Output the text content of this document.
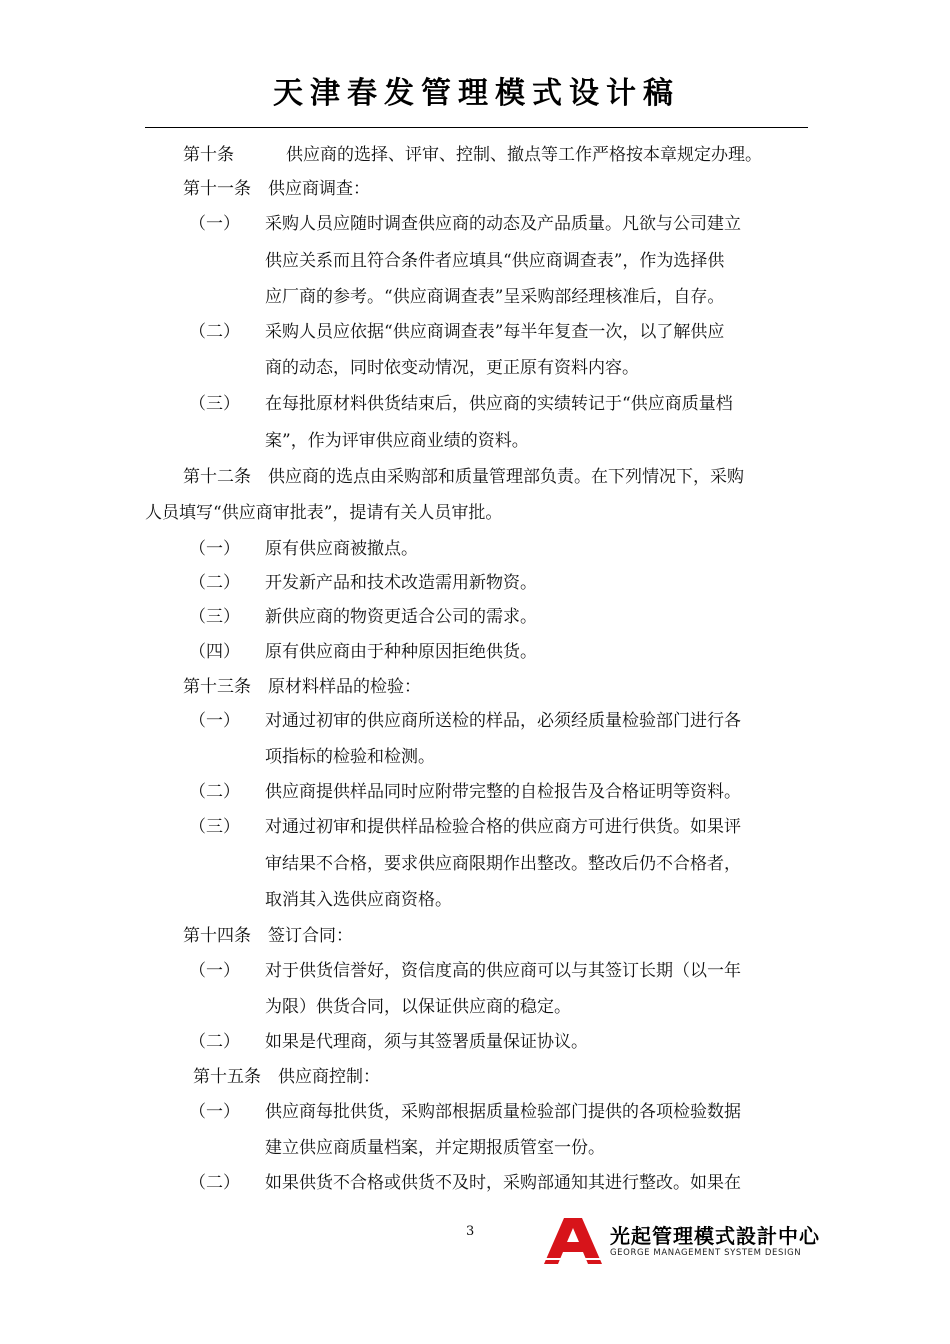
天津春发管理模式设计稿
第十条	供应商的选择、评审、控制、撤点等工作严格按本章规定办理。
第十一条　供应商调查：
（一） 采购人员应随时调查供应商的动态及产品质量。凡欲与公司建立
供应关系而且符合条件者应填具“供应商调查表”，作为选择供
应厂商的参考。“供应商调查表”呈采购部经理核准后，自存。
（二） 采购人员应依据“供应商调查表”每半年复查一次，以了解供应
商的动态，同时依变动情况，更正原有资料内容。
（三） 在每批原材料供货结束后，供应商的实绩转记于“供应商质量档
案”，作为评审供应商业绩的资料。
第十二条　供应商的选点由采购部和质量管理部负责。在下列情况下，采购
人员填写“供应商审批表”，提请有关人员审批。
（一） 原有供应商被撤点。
（二） 开发新产品和技术改造需用新物资。
（三） 新供应商的物资更适合公司的需求。
（四） 原有供应商由于种种原因拒绝供货。
第十三条　原材料样品的检验：
（一） 对通过初审的供应商所送检的样品，必须经质量检验部门进行各
项指标的检验和检测。
（二） 供应商提供样品同时应附带完整的自检报告及合格证明等资料。
（三） 对通过初审和提供样品检验合格的供应商方可进行供货。如果评
审结果不合格，要求供应商限期作出整改。整改后仍不合格者，
取消其入选供应商资格。
第十四条　签订合同：
（一） 对于供货信誉好，资信度高的供应商可以与其签订长期（以一年
为限）供货合同，以保证供应商的稳定。
（二） 如果是代理商，须与其签署质量保证协议。
第十五条　供应商控制：
（一） 供应商每批供货，采购部根据质量检验部门提供的各项检验数据
建立供应商质量档案，并定期报质管室一份。
（二） 如果供货不合格或供货不及时，采购部通知其进行整改。如果在
3	光起管理模式設計中心
GEORGE MANAGEMENT SYSTEM DESIGN
